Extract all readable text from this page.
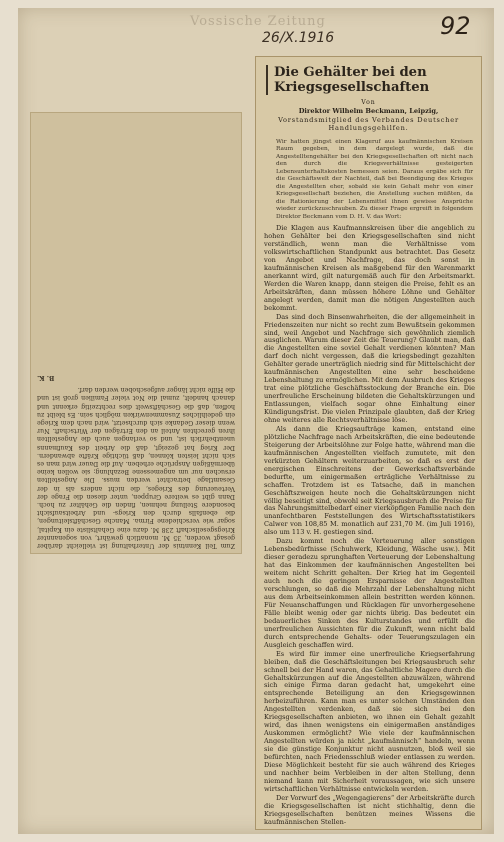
Vossische Zeitung
26/X.1916	92

Zum Teil Kenntnis der Unterhaltung ist vielleicht darüber gesagt worden, 35 M. monatlich gewährt, von sogenannter Kriegsgesellschaft 238 M. dazu eine Gehaltsliste ein Kapital, sogar wie verschiedene Firma. Manche Geschäftsleitungen, die ebenfalls durch den Kriegs- und Arbeitsaufsicht besondere Stellung nehmen, finden die Gehälter zu hoch. Dann gibt es weitere Gruppen, unter diesen die Frage der Verteuerung des Krieges, die nicht anders als in der Gesamtlage betrachtet werden muss. Die Angestellten ersuchen nur um angemessene Bezahlung; sie wollen keine übermäßigen Ansprüche erheben. Auf die Dauer wird man es sich nicht leisten können, daß tüchtige Kräfte abwandern. Der Krieg hat gezeigt, daß die Arbeit des Kaufmanns unentbehrlich ist, und so verlangen auch die Angestellten ihren gerechten Anteil an den Erträgen der Wirtschaft. Nur wenn dieser Gedanke sich durchsetzt, wird nach dem Kriege ein gedeihliches Zusammenwirken möglich sein. Es bleibt zu hoffen, daß die Geschäftswelt dies rechtzeitig erkennt und danach handelt, zumal die Not vieler Familien groß ist und die Hilfe nicht länger aufgeschoben werden darf.

B. K.

Die Gehälter bei den Kriegsgesellschaften
Von
Direktor Wilhelm Beckmann, Leipzig,
Vorstandsmitglied des Verbandes Deutscher Handlungsgehilfen.
Wir hatten jüngst einen Klageruf aus kaufmännischen Kreisen Raum gegeben, in dem dargelegt wurde, daß die Angestelltengehälter bei den Kriegsgesellschaften oft nicht nach den durch die Kriegsverhältnisse gesteigerten Lebensunterhaltskosten bemessen seien. Daraus ergäbe sich für die Geschäftswelt der Nachteil, daß bei Beendigung des Krieges die Angestellten eher, sobald sie kein Gehalt mehr von einer Kriegsgesellschaft beziehen, die Anstellung suchen müßten, da die Rationierung der Lebensmittel ihnen gewisse Ansprüche wieder zurückzuschrauben. Zu dieser Frage ergreift in folgendem Direktor Beckmann vom D. H. V. das Wort:

Die Klagen aus Kaufmannskreisen über die angeblich zu hohen Gehälter bei den Kriegsgesellschaften sind nicht verständlich, wenn man die Verhältnisse vom volkswirtschaftlichen Standpunkt aus betrachtet. Das Gesetz von Angebot und Nachfrage, das doch sonst in kaufmännischen Kreisen als maßgebend für den Warenmarkt anerkannt wird, gilt naturgemäß auch für den Arbeitsmarkt. Werden die Waren knapp, dann steigen die Preise, fehlt es an Arbeitskräften, dann müssen höhere Löhne und Gehälter angelegt werden, damit man die nötigen Angestellten auch bekommt.

Das sind doch Binsenwahrheiten, die der allgemeinheit in Friedenszeiten nur nicht so recht zum Bewußtsein gekommen sind, weil Angebot und Nachfrage sich gewöhnlich ziemlich ausglichen. Warum dieser Zeit die Teuerung? Glaubt man, daß die Angestellten eine soviel Gehalt verdienen könnten? Man darf doch nicht vergessen, daß die kriegsbedingt gezahlten Gehälter gerade unerträglich niedrig sind für Mittelschicht der kaufmännischen Angestellten eine sehr bescheidene Lebenshaltung zu ermöglichen. Mit dem Ausbruch des Krieges trat eine plötzliche Geschäftsstockung der Branche ein. Die unerfreuliche Erscheinung bildeten die Gehaltskürzungen und Entlassungen, vielfach sogar ohne Einhaltung einer Kündigungsfrist. Die vielen Prinzipale glaubten, daß der Krieg ohne weiteres alle Rechtsverhältnisse löse.

Als dann die Kriegsaufträge kamen, entstand eine plötzliche Nachfrage nach Arbeitskräften, die eine bedeutende Steigerung der Arbeitslöhne zur Folge hatte, während man die kaufmännischen Angestellten vielfach zumutete, mit den verkürzten Gehältern weiterzuarbeiten, so daß es erst der energischen Einschreitens der Gewerkschaftsverbände bedurfte, um einigermaßen erträgliche Verhältnisse zu schaffen. Trotzdem ist es Tatsache, daß in manchen Geschäftszweigen heute noch die Gehaltskürzungen nicht völlig beseitigt sind, obwohl seit Kriegsausbruch die Preise für das Nahrungsmittelbedarf einer vierköpfigen Familie nach den unanfechtbaren Feststellungen des Wirtschaftsstatistikers Calwer von 108,85 M. monatlich auf 231,70 M. (im Juli 1916), also um 113 v. H. gestiegen sind.

Dazu kommt noch die Verteuerung aller sonstigen Lebensbedürfnisse (Schuhwerk, Kleidung, Wäsche usw.). Mit dieser geradezu sprunghaften Verteuerung der Lebenshaltung hat das Einkommen der kaufmännischen Angestellten bei weitem nicht Schritt gehalten. Der Krieg hat im Gegenteil auch noch die geringen Ersparnisse der Angestellten verschlungen, so daß die Mehrzahl der Lebenshaltung nicht aus dem Arbeitseinkommen allein bestritten werden können. Für Neuanschaffungen und Rücklagen für unvorhergesehene Fälle bleibt wenig oder gar nichts übrig. Das bedeutet ein bedauerliches Sinken des Kulturstandes und erfüllt die unerfreulichen Aussichten für die Zukunft, wenn nicht bald durch entsprechende Gehalts- oder Teuerungszulagen ein Ausgleich geschaffen wird.

Es wird für immer eine unerfreuliche Kriegserfahrung bleiben, daß die Geschäftsleitungen bei Kriegsausbruch sehr schnell bei der Hand waren, das Gehaltliche Magere durch die Gehaltskürzungen auf die Angestellten abzuwälzen, während sich einige Firma daran gedacht hat, umgekehrt eine entsprechende Beteiligung an den Kriegsgewinnen herbeizuführen. Kann man es unter solchen Umständen den Angestellten verdenken, daß sie sich bei den Kriegsgesellschaften anbieten, wo ihnen ein Gehalt gezahlt wird, das ihnen wenigstens ein einigermaßen anständiges Auskommen ermöglicht? Wie viele der kaufmännischen Angestellten würden ja nicht „kaufmännisch“ handeln, wenn sie die günstige Konjunktur nicht ausnutzen, bloß weil sie befürchten, nach Friedensschluß wieder entlassen zu werden. Diese Möglichkeit besteht für sie auch während des Krieges und nachher beim Verbleiben in der alten Stellung, denn niemand kann mit Sicherheit voraussagen, wie sich unsere wirtschaftlichen Verhältnisse entwickeln werden.

Der Vorwurf des „Wegengagierens“ der Arbeitskräfte durch die Kriegsgesellschaften ist nicht stichhaltig, denn die Kriegsgesellschaften benützen meines Wissens die kaufmännischen Stellen-
